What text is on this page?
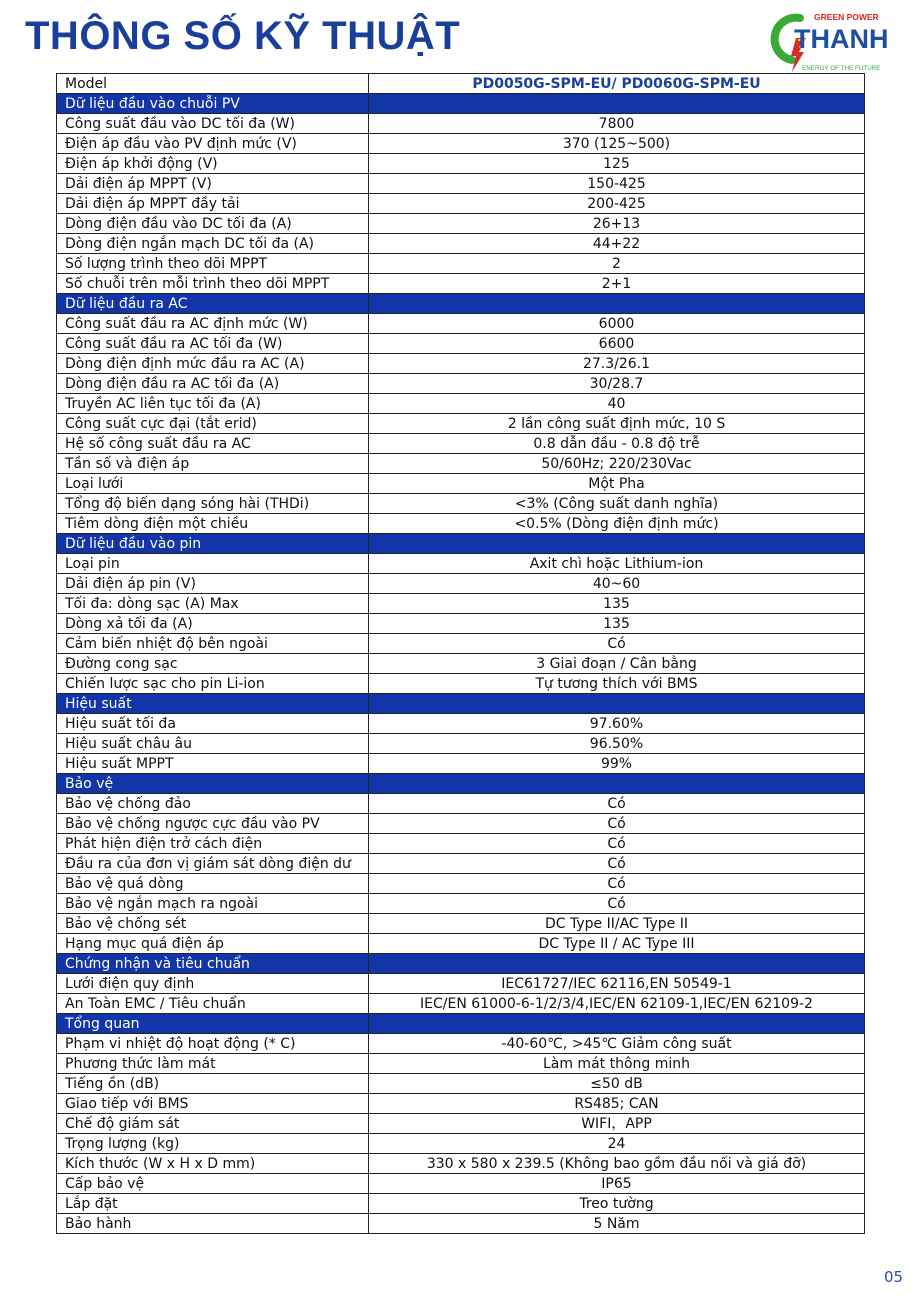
THÔNG SỐ KỸ THUẬT	GREEN POWER
THANH
ENERGY OF THE FUTURE
Model	PD0050G-SPM-EU/ PD0060G-SPM-EU
Dữ liệu đầu vào chuỗi PV	
Công suất đầu vào DC tối đa (W)	7800
Điện áp đầu vào PV định mức (V)	370 (125~500)
Điện áp khởi động (V)	125
Dải điện áp MPPT (V)	150-425
Dải điện áp MPPT đầy tải	200-425
Dòng điện đầu vào DC tối đa (A)	26+13
Dòng điện ngắn mạch DC tối đa (A)	44+22
Số lượng trình theo dõi MPPT	2
Số chuỗi trên mỗi trình theo dõi MPPT	2+1
Dữ liệu đầu ra AC	
Công suất đầu ra AC định mức (W)	6000
Công suất đầu ra AC tối đa (W)	6600
Dòng điện định mức đầu ra AC (A)	27.3/26.1
Dòng điện đầu ra AC tối đa (A)	30/28.7
Truyền AC liên tục tối đa (A)	40
Công suất cực đại (tắt erid)	2 lần công suất định mức, 10 S
Hệ số công suất đầu ra AC	0.8 dẫn đầu - 0.8 độ trễ
Tần số và điện áp	50/60Hz; 220/230Vac
Loại lưới	Một Pha
Tổng độ biến dạng sóng hài (THDi)	<3% (Công suất danh nghĩa)
Tiêm dòng điện một chiều	<0.5% (Dòng điện định mức)
Dữ liệu đầu vào pin	
Loại pin	Axit chì hoặc Lithium-ion
Dải điện áp pin (V)	40~60
Tối đa: dòng sạc (A) Max	135
Dòng xả tối đa (A)	135
Cảm biến nhiệt độ bên ngoài	Có
Đường cong sạc	3 Giai đoạn / Cân bằng
Chiến lược sạc cho pin Li-ion	Tự tương thích với BMS
Hiệu suất	
Hiệu suất tối đa	97.60%
Hiệu suất châu âu	96.50%
Hiệu suất MPPT	99%
Bảo vệ	
Bảo vệ chống đảo	Có
Bảo vệ chống ngược cực đầu vào PV	Có
Phát hiện điện trở cách điện	Có
Đầu ra của đơn vị giám sát dòng điện dư	Có
Bảo vệ quá dòng	Có
Bảo vệ ngắn mạch ra ngoài	Có
Bảo vệ chống sét	DC Type II/AC Type II
Hạng mục quá điện áp	DC Type II / AC Type III
Chứng nhận và tiêu chuẩn	
Lưới điện quy định	IEC61727/IEC 62116,EN 50549-1
An Toàn EMC / Tiêu chuẩn	IEC/EN 61000-6-1/2/3/4,IEC/EN 62109-1,IEC/EN 62109-2
Tổng quan	
Phạm vi nhiệt độ hoạt động (* C)	-40-60℃, >45℃ Giảm công suất
Phương thức làm mát	Làm mát thông minh
Tiếng ồn (dB)	≤50 dB
Giao tiếp với BMS	RS485; CAN
Chế độ giám sát	WIFI，APP
Trọng lượng (kg)	24
Kích thước (W x H x D mm)	330 x 580 x 239.5 (Không bao gồm đầu nối và giá đỡ)
Cấp bảo vệ	IP65
Lắp đặt	Treo tường
Bảo hành	5 Năm
05
